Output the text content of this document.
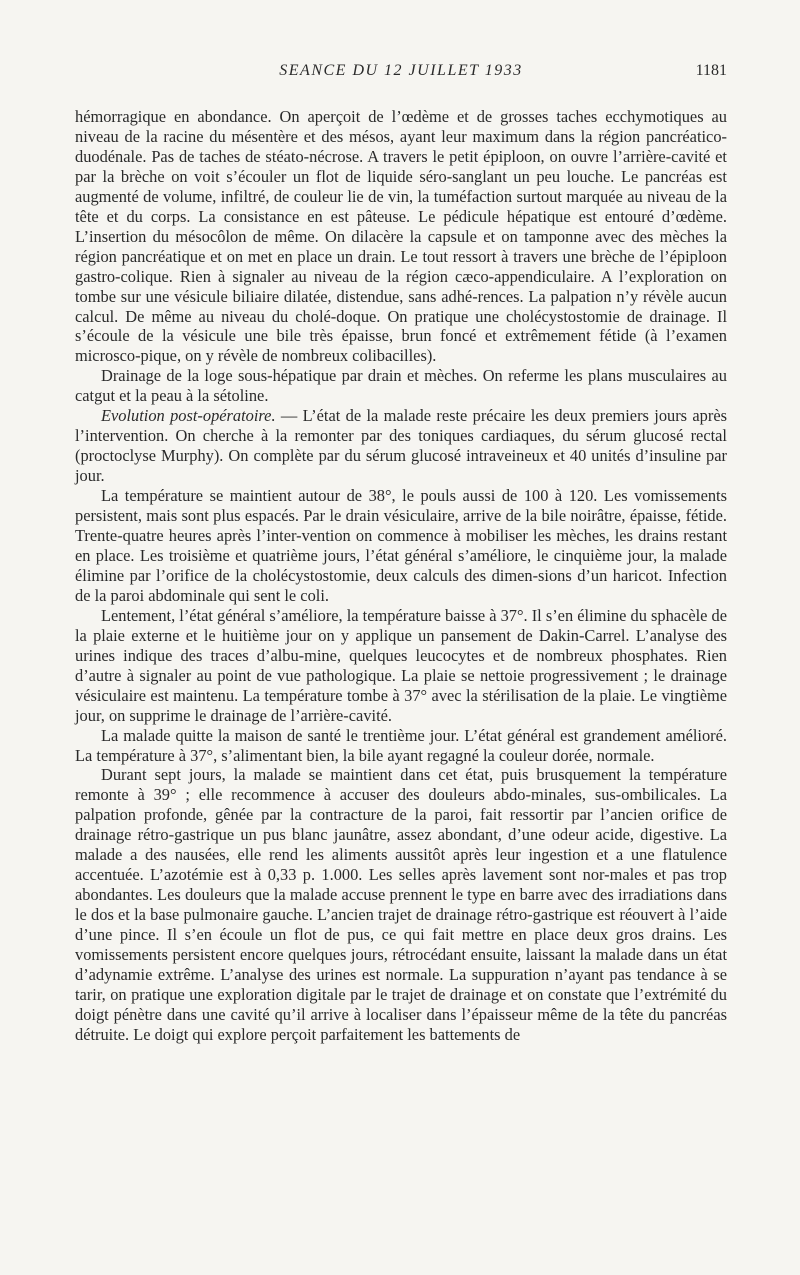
SEANCE DU 12 JUILLET 1933	1181

hémorragique en abondance. On aperçoit de l’œdème et de grosses taches ecchymotiques au niveau de la racine du mésentère et des mésos, ayant leur maximum dans la région pancréatico-duodénale. Pas de taches de stéato-nécrose. A travers le petit épiploon, on ouvre l’arrière-cavité et par la brèche on voit s’écouler un flot de liquide séro-sanglant un peu louche. Le pancréas est augmenté de volume, infiltré, de couleur lie de vin, la tuméfaction surtout marquée au niveau de la tête et du corps. La consistance en est pâteuse. Le pédicule hépatique est entouré d’œdème. L’insertion du mésocôlon de même. On dilacère la capsule et on tamponne avec des mèches la région pancréatique et on met en place un drain. Le tout ressort à travers une brèche de l’épiploon gastro-colique. Rien à signaler au niveau de la région cæco-appendiculaire. A l’exploration on tombe sur une vésicule biliaire dilatée, distendue, sans adhé-rences. La palpation n’y révèle aucun calcul. De même au niveau du cholé-doque. On pratique une cholécystostomie de drainage. Il s’écoule de la vésicule une bile très épaisse, brun foncé et extrêmement fétide (à l’examen microsco-pique, on y révèle de nombreux colibacilles).

Drainage de la loge sous-hépatique par drain et mèches. On referme les plans musculaires au catgut et la peau à la sétoline.

Evolution post-opératoire. — L’état de la malade reste précaire les deux premiers jours après l’intervention. On cherche à la remonter par des toniques cardiaques, du sérum glucosé rectal (proctoclyse Murphy). On complète par du sérum glucosé intraveineux et 40 unités d’insuline par jour.

La température se maintient autour de 38°, le pouls aussi de 100 à 120. Les vomissements persistent, mais sont plus espacés. Par le drain vésiculaire, arrive de la bile noirâtre, épaisse, fétide. Trente-quatre heures après l’inter-vention on commence à mobiliser les mèches, les drains restant en place. Les troisième et quatrième jours, l’état général s’améliore, le cinquième jour, la malade élimine par l’orifice de la cholécystostomie, deux calculs des dimen-sions d’un haricot. Infection de la paroi abdominale qui sent le coli.

Lentement, l’état général s’améliore, la température baisse à 37°. Il s’en élimine du sphacèle de la plaie externe et le huitième jour on y applique un pansement de Dakin-Carrel. L’analyse des urines indique des traces d’albu-mine, quelques leucocytes et de nombreux phosphates. Rien d’autre à signaler au point de vue pathologique. La plaie se nettoie progressivement ; le drainage vésiculaire est maintenu. La température tombe à 37° avec la stérilisation de la plaie. Le vingtième jour, on supprime le drainage de l’arrière-cavité.

La malade quitte la maison de santé le trentième jour. L’état général est grandement amélioré. La température à 37°, s’alimentant bien, la bile ayant regagné la couleur dorée, normale.

Durant sept jours, la malade se maintient dans cet état, puis brusquement la température remonte à 39° ; elle recommence à accuser des douleurs abdo-minales, sus-ombilicales. La palpation profonde, gênée par la contracture de la paroi, fait ressortir par l’ancien orifice de drainage rétro-gastrique un pus blanc jaunâtre, assez abondant, d’une odeur acide, digestive. La malade a des nausées, elle rend les aliments aussitôt après leur ingestion et a une flatulence accentuée. L’azotémie est à 0,33 p. 1.000. Les selles après lavement sont nor-males et pas trop abondantes. Les douleurs que la malade accuse prennent le type en barre avec des irradiations dans le dos et la base pulmonaire gauche. L’ancien trajet de drainage rétro-gastrique est réouvert à l’aide d’une pince. Il s’en écoule un flot de pus, ce qui fait mettre en place deux gros drains. Les vomissements persistent encore quelques jours, rétrocédant ensuite, laissant la malade dans un état d’adynamie extrême. L’analyse des urines est normale. La suppuration n’ayant pas tendance à se tarir, on pratique une exploration digitale par le trajet de drainage et on constate que l’extrémité du doigt pénètre dans une cavité qu’il arrive à localiser dans l’épaisseur même de la tête du pancréas détruite. Le doigt qui explore perçoit parfaitement les battements de
